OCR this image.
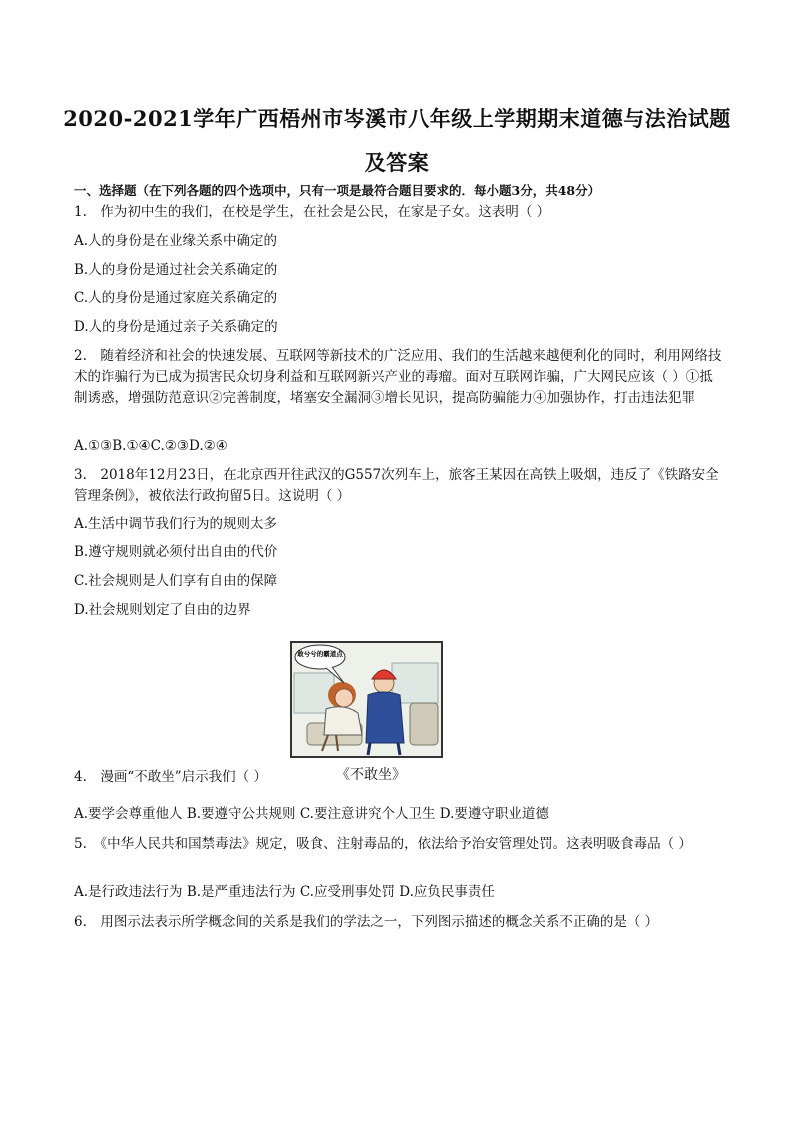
2020-2021学年广西梧州市岑溪市八年级上学期期末道德与法治试题
及答案
一、选择题（在下列各题的四个选项中，只有一项是最符合题目要求的．每小题3分，共48分）
1.　作为初中生的我们，在校是学生，在社会是公民，在家是子女。这表明（ ）
A.人的身份是在业缘关系中确定的
B.人的身份是通过社会关系确定的
C.人的身份是通过家庭关系确定的
D.人的身份是通过亲子关系确定的
2.　随着经济和社会的快速发展、互联网等新技术的广泛应用、我们的生活越来越便利化的同时，利用网络技术的诈骗行为已成为损害民众切身利益和互联网新兴产业的毒瘤。面对互联网诈骗，广大网民应该（ ）①抵制诱惑，增强防范意识②完善制度，堵塞安全漏洞③增长见识，提高防骗能力④加强协作，打击违法犯罪
A.①③B.①④C.②③D.②④
3.　2018年12月23日，在北京西开往武汉的G557次列车上，旅客王某因在高铁上吸烟，违反了《铁路安全管理条例》，被依法行政拘留5日。这说明（ ）
A.生活中调节我们行为的规则太多
B.遵守规则就必须付出自由的代价
C.社会规则是人们享有自由的保障
D.社会规则划定了自由的边界
敢兮兮的霸道点
4.　漫画“不敢坐”启示我们（ ）	《不敢坐》
A.要学会尊重他人 B.要遵守公共规则 C.要注意讲究个人卫生 D.要遵守职业道德
5.　《中华人民共和国禁毒法》规定，吸食、注射毒品的，依法给予治安管理处罚。这表明吸食毒品（ ）
A.是行政违法行为 B.是严重违法行为 C.应受刑事处罚 D.应负民事责任
6.　用图示法表示所学概念间的关系是我们的学法之一，下列图示描述的概念关系不正确的是（ ）
